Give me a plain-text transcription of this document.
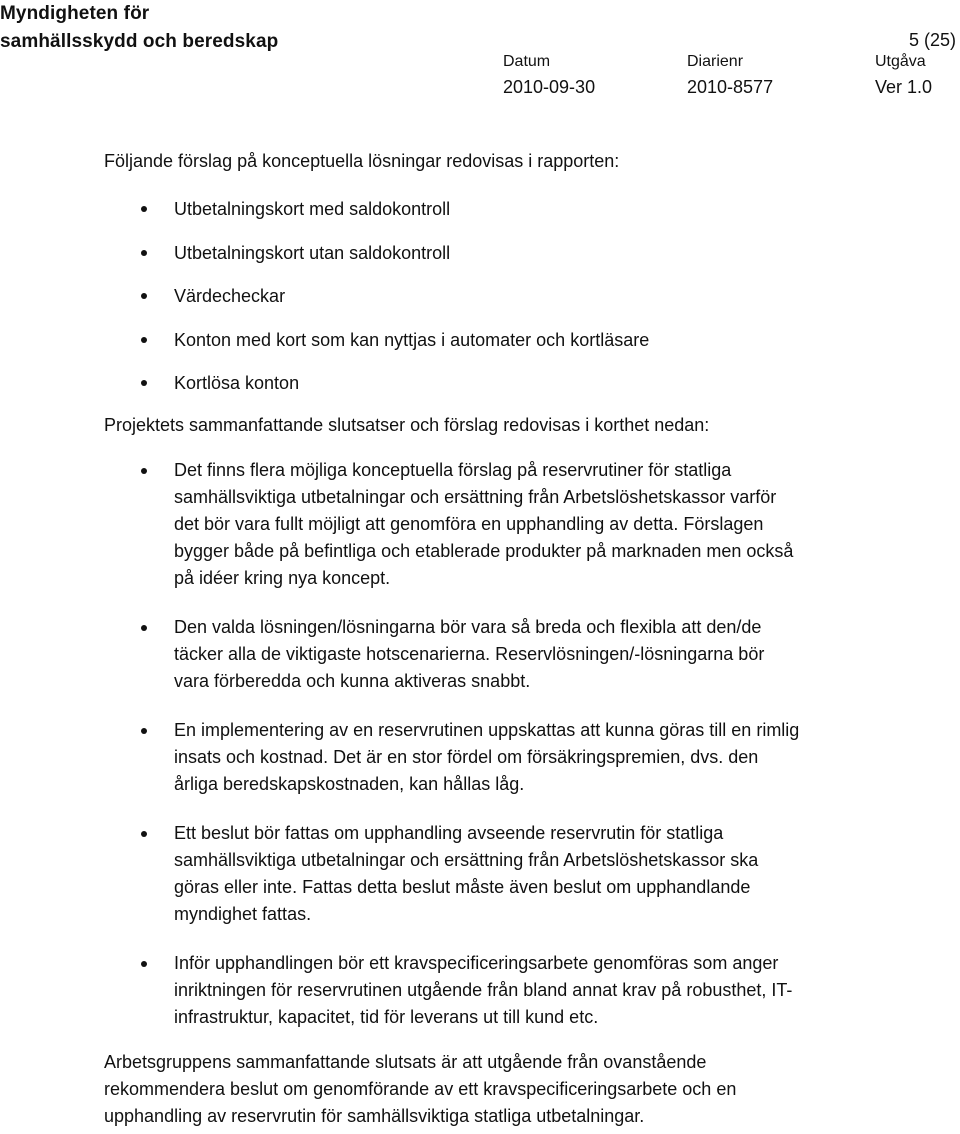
Myndigheten för
samhällsskydd och beredskap	5 (25)
Datum
2010-09-30
Diarienr
2010-8577
Utgåva
Ver 1.0

Följande förslag på konceptuella lösningar redovisas i rapporten:

Utbetalningskort med saldokontroll
Utbetalningskort utan saldokontroll
Värdecheckar
Konton med kort som kan nyttjas i automater och kortläsare
Kortlösa konton

Projektets sammanfattande slutsatser och förslag redovisas i korthet nedan:

Det finns flera möjliga konceptuella förslag på reservrutiner för statliga samhällsviktiga utbetalningar och ersättning från Arbetslöshetskassor varför det bör vara fullt möjligt att genomföra en upphandling av detta. Förslagen bygger både på befintliga och etablerade produkter på marknaden men också på idéer kring nya koncept.
Den valda lösningen/lösningarna bör vara så breda och flexibla att den/de täcker alla de viktigaste hotscenarierna. Reservlösningen/-lösningarna bör vara förberedda och kunna aktiveras snabbt.
En implementering av en reservrutinen uppskattas att kunna göras till en rimlig insats och kostnad. Det är en stor fördel om försäkringspremien, dvs. den årliga beredskapskostnaden, kan hållas låg.
Ett beslut bör fattas om upphandling avseende reservrutin för statliga samhällsviktiga utbetalningar och ersättning från Arbetslöshetskassor ska göras eller inte. Fattas detta beslut måste även beslut om upphandlande myndighet fattas.
Inför upphandlingen bör ett kravspecificeringsarbete genomföras som anger inriktningen för reservrutinen utgående från bland annat krav på robusthet, IT-infrastruktur, kapacitet, tid för leverans ut till kund etc.

Arbetsgruppens sammanfattande slutsats är att utgående från ovanstående rekommendera beslut om genomförande av ett kravspecificeringsarbete och en upphandling av reservrutin för samhällsviktiga statliga utbetalningar.
